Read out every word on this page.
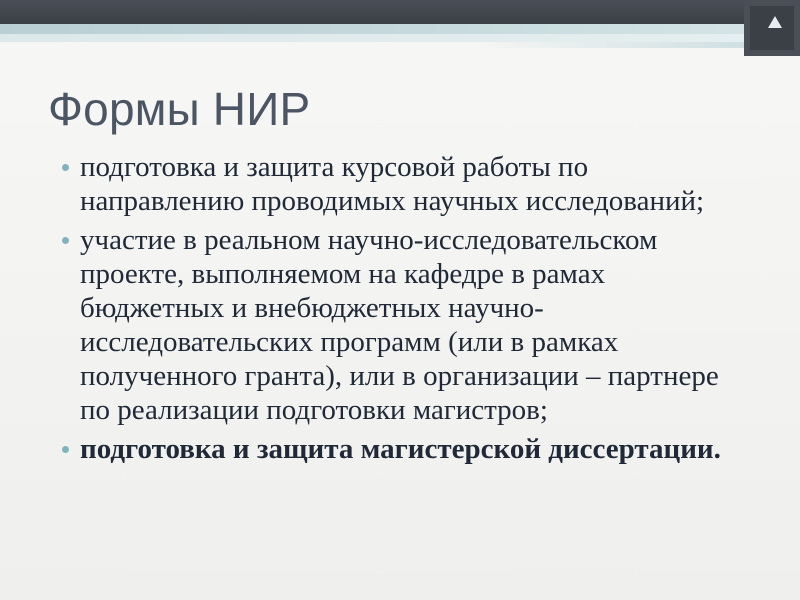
Формы НИР
подготовка и защита курсовой работы по направлению проводимых научных исследований;
участие в реальном научно-исследовательском проекте, выполняемом на кафедре в рамах бюджетных и внебюджетных научно-исследовательских программ (или в рамках полученного гранта), или в организации – партнере по реализации подготовки магистров;
подготовка и защита магистерской диссертации.
